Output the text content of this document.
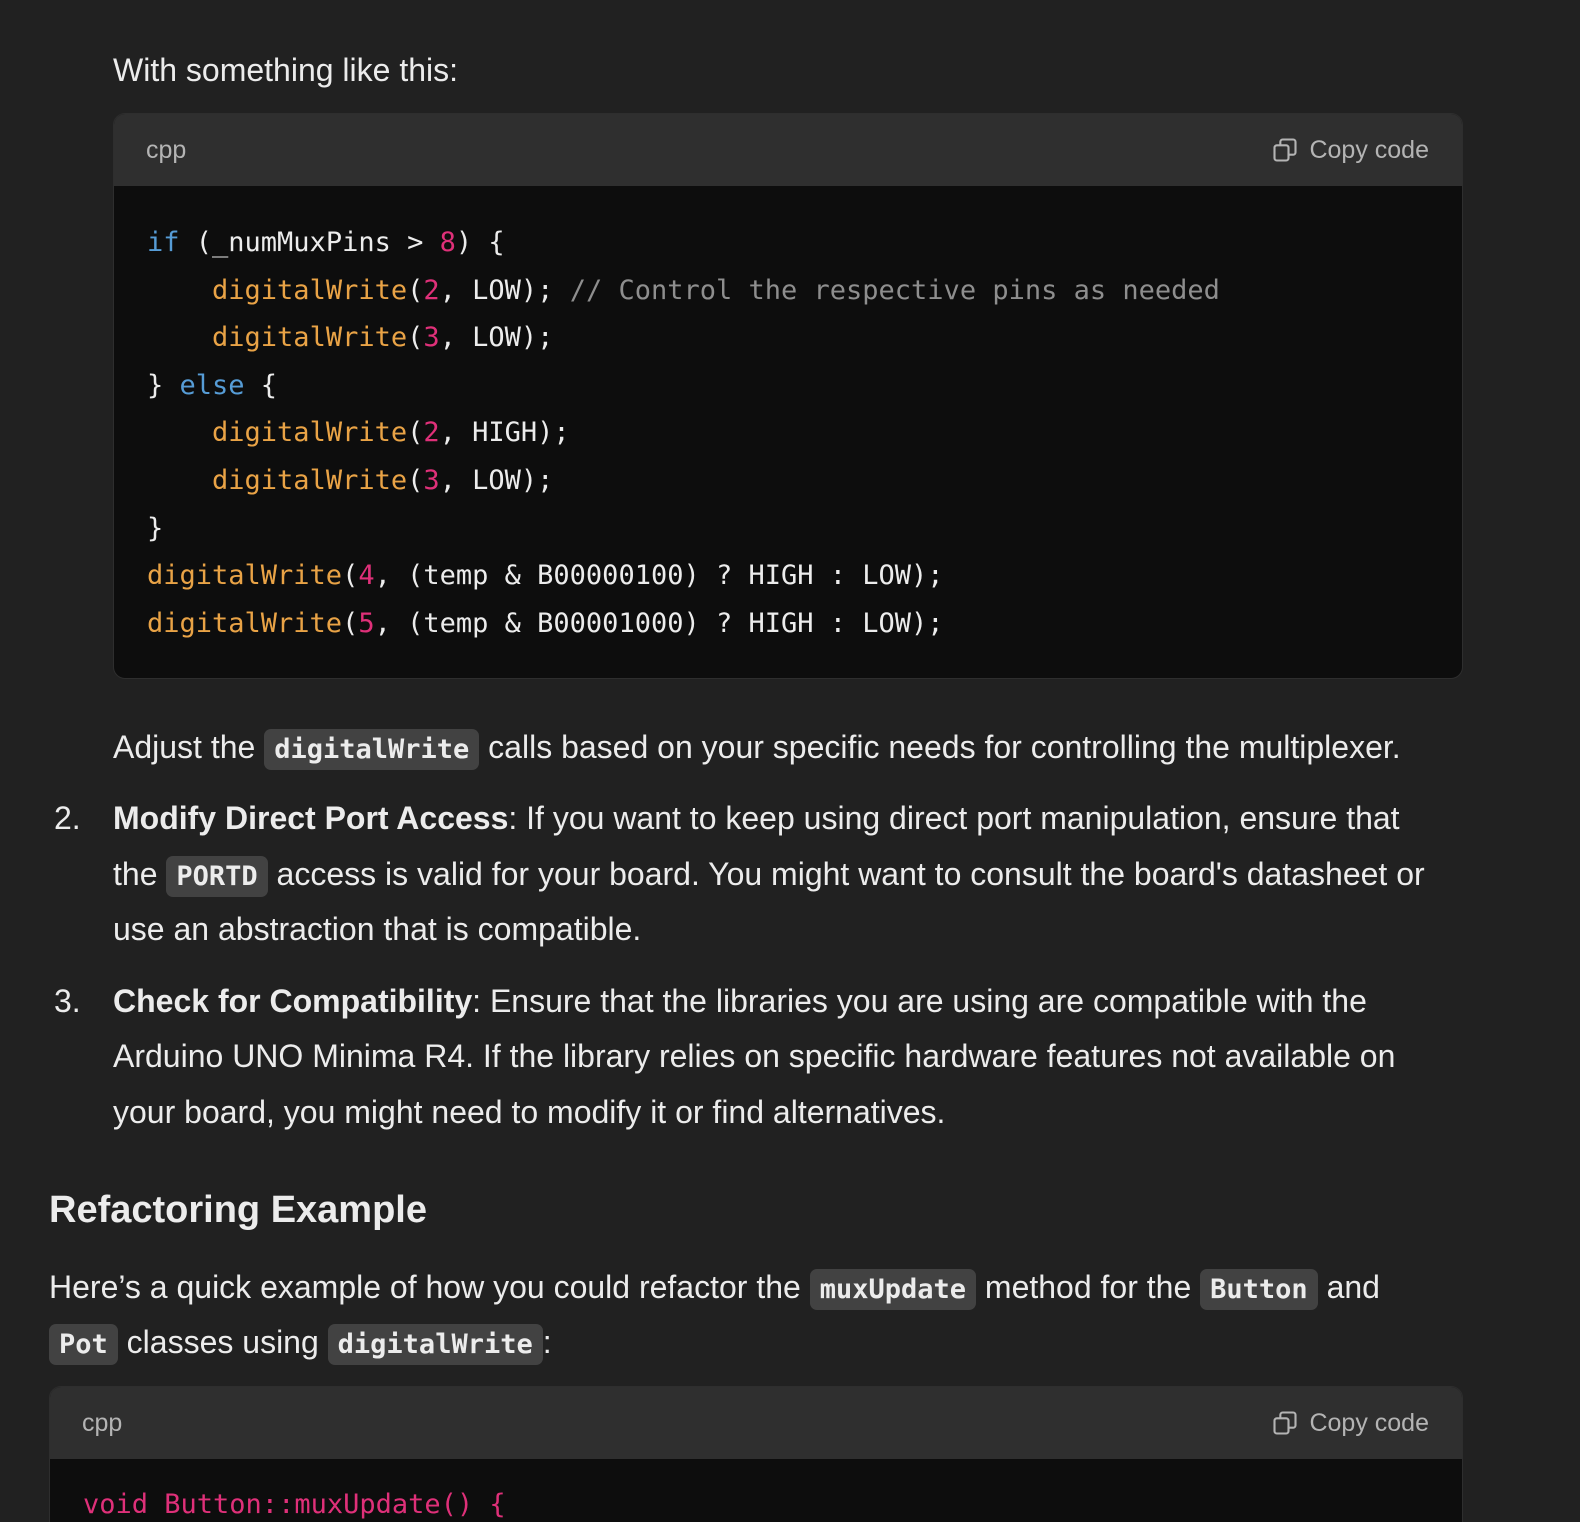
With something like this:

cpp	Copy code
if (_numMuxPins > 8) {
digitalWrite(2, LOW); // Control the respective pins as needed
digitalWrite(3, LOW);
} else {
digitalWrite(2, HIGH);
digitalWrite(3, LOW);
}
digitalWrite(4, (temp & B00000100) ? HIGH : LOW);
digitalWrite(5, (temp & B00001000) ? HIGH : LOW);

Adjust the digitalWrite calls based on your specific needs for controlling the multiplexer.

2. Modify Direct Port Access: If you want to keep using direct port manipulation, ensure that

the PORTD access is valid for your board. You might want to consult the board's datasheet or

use an abstraction that is compatible.

3. Check for Compatibility: Ensure that the libraries you are using are compatible with the

Arduino UNO Minima R4. If the library relies on specific hardware features not available on

your board, you might need to modify it or find alternatives.

Refactoring Example

Here’s a quick example of how you could refactor the muxUpdate method for the Button and

Pot classes using digitalWrite :

cpp	Copy code
void Button::muxUpdate() {
